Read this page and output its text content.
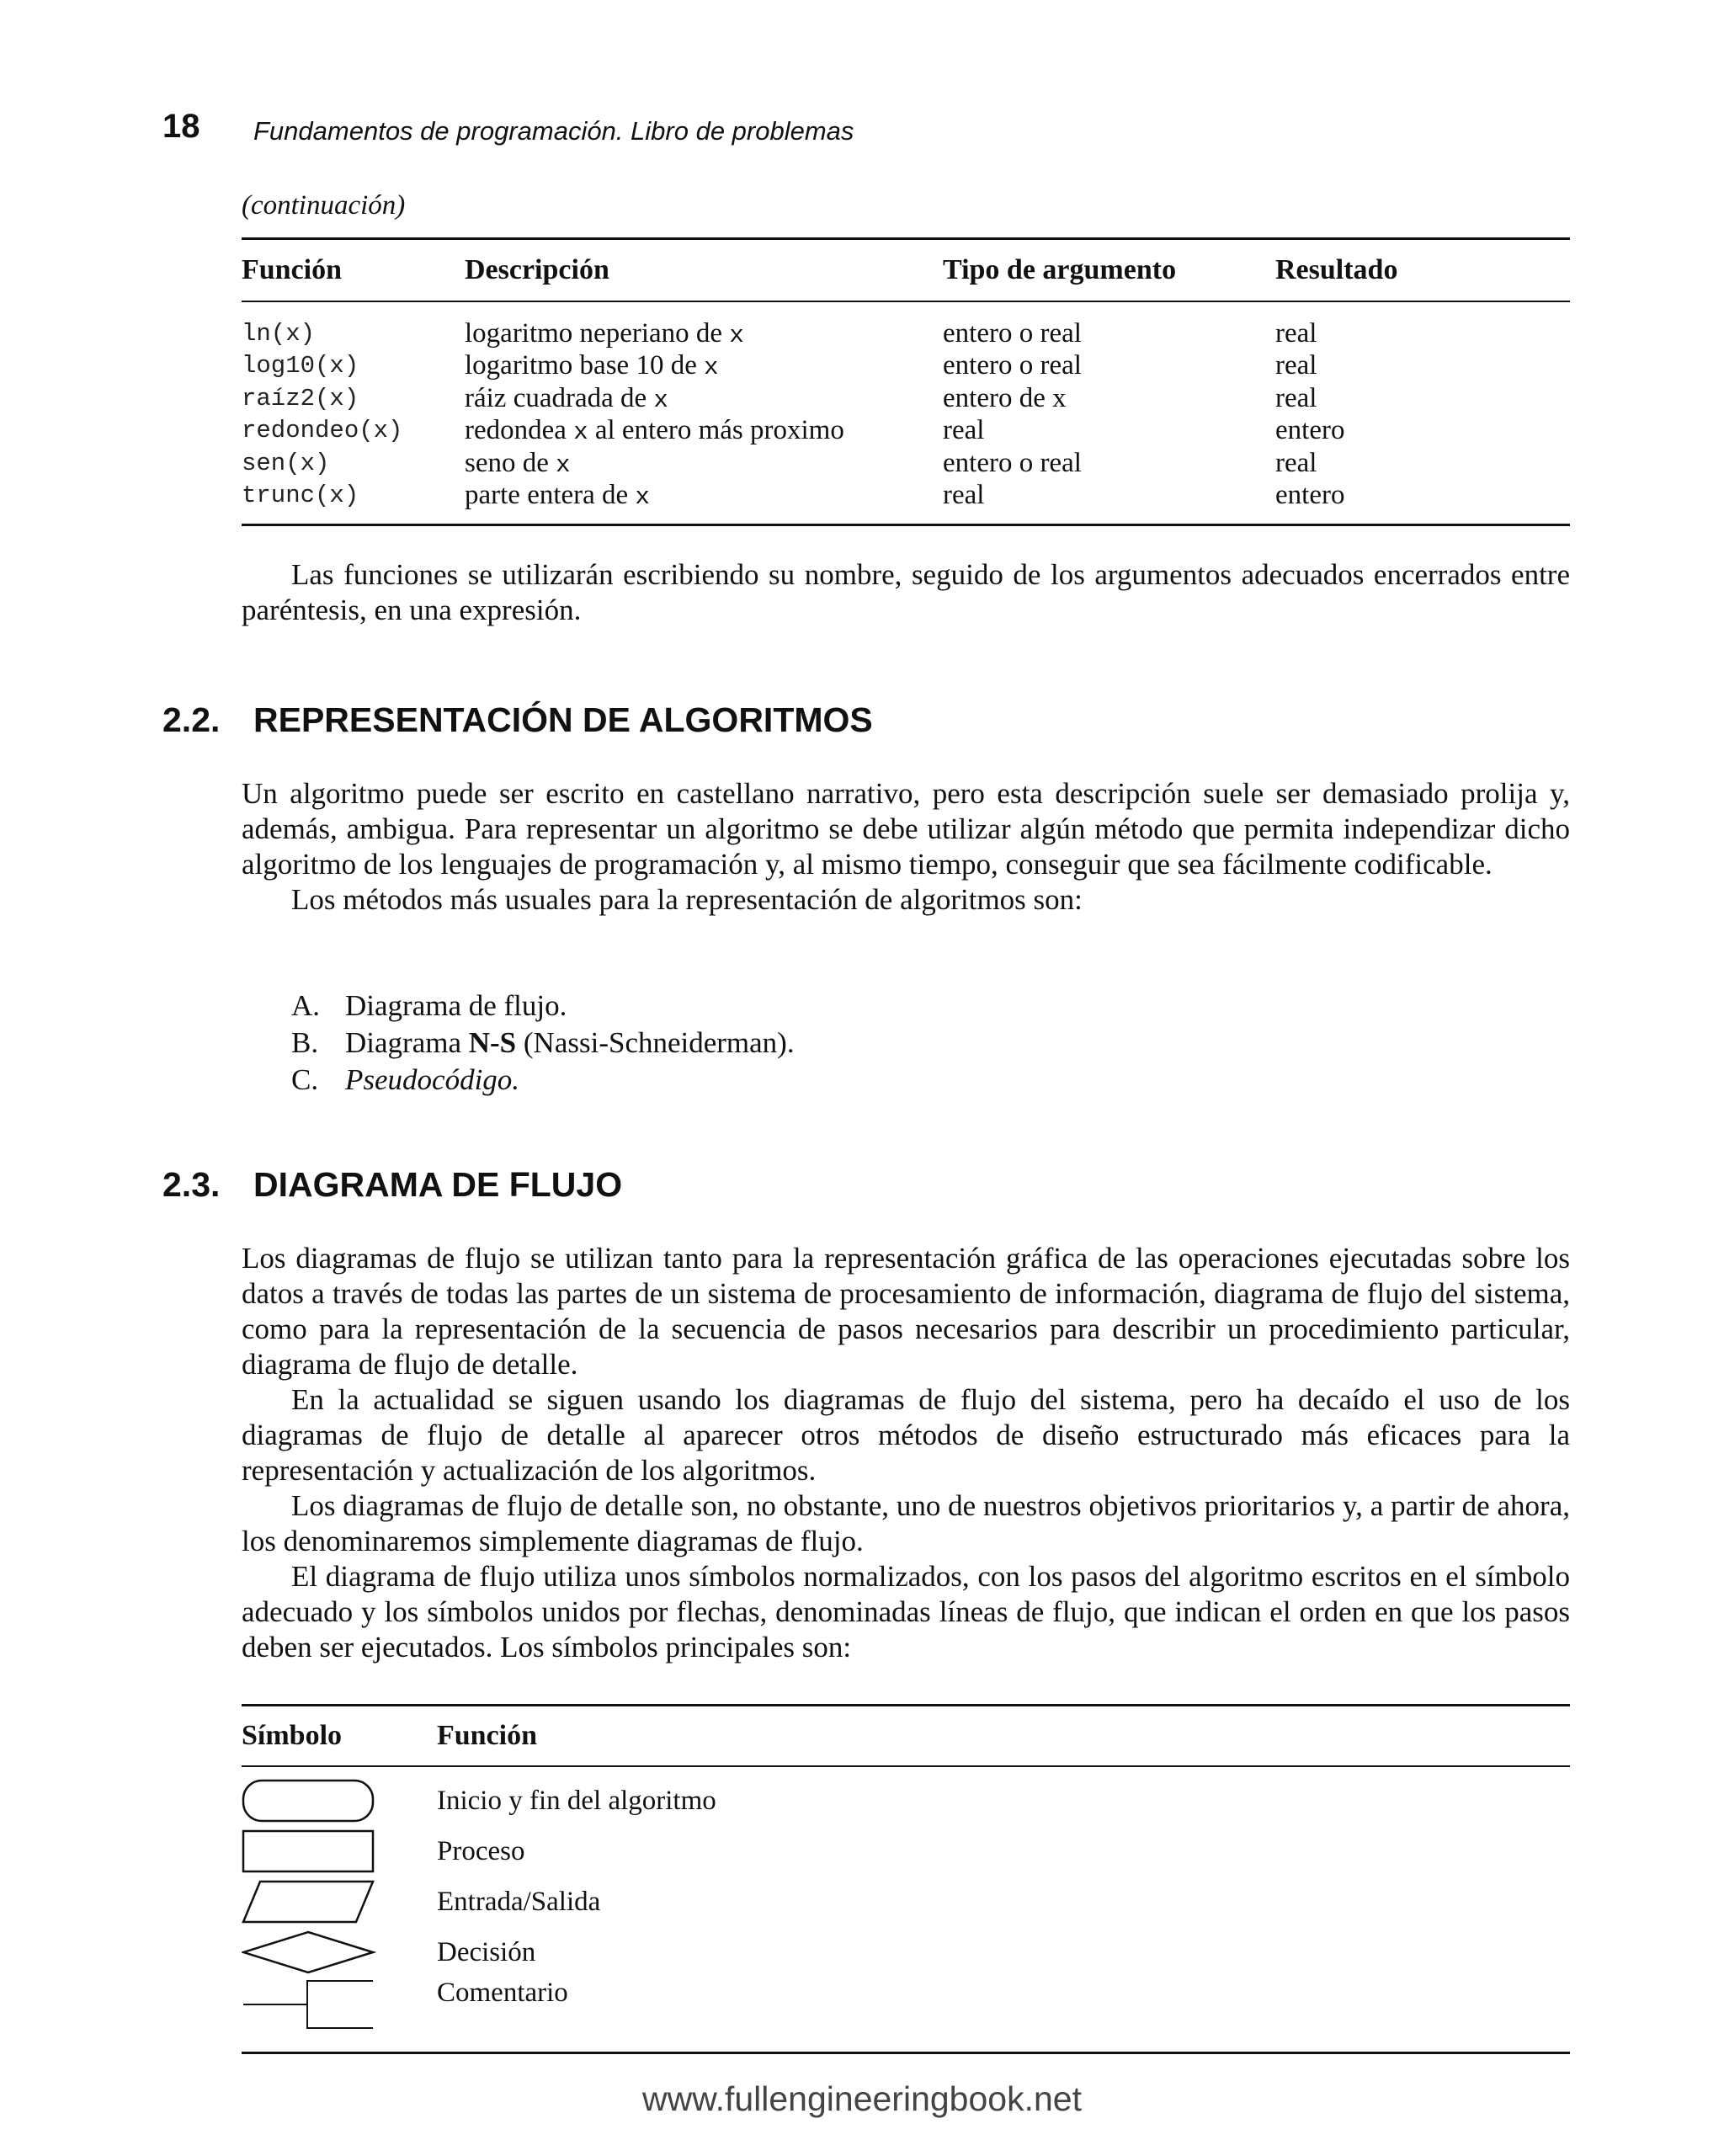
18 Fundamentos de programación. Libro de problemas
(continuación)
Función	Descripción	Tipo de argumento	Resultado
ln(x)	logaritmo neperiano de x	entero o real	real
log10(x)	logaritmo base 10 de x	entero o real	real
raíz2(x)	ráiz cuadrada de x	entero de x	real
redondeo(x)	redondea x al entero más proximo	real	entero
sen(x)	seno de x	entero o real	real
trunc(x)	parte entera de x	real	entero

Las funciones se utilizarán escribiendo su nombre, seguido de los argumentos adecuados encerrados entre paréntesis, en una expresión.

2.2. REPRESENTACIÓN DE ALGORITMOS

Un algoritmo puede ser escrito en castellano narrativo, pero esta descripción suele ser demasiado prolija y, además, ambigua. Para representar un algoritmo se debe utilizar algún método que permita independizar dicho algoritmo de los lenguajes de programación y, al mismo tiempo, conseguir que sea fácilmente codificable.

Los métodos más usuales para la representación de algoritmos son:

A. Diagrama de flujo.
B. Diagrama N-S (Nassi-Schneiderman).
C. Pseudocódigo.
2.3. DIAGRAMA DE FLUJO

Los diagramas de flujo se utilizan tanto para la representación gráfica de las operaciones ejecutadas sobre los datos a través de todas las partes de un sistema de procesamiento de información, diagrama de flujo del sistema, como para la representación de la secuencia de pasos necesarios para describir un procedimiento particular, diagrama de flujo de detalle.

En la actualidad se siguen usando los diagramas de flujo del sistema, pero ha decaído el uso de los diagramas de flujo de detalle al aparecer otros métodos de diseño estructurado más eficaces para la representación y actualización de los algoritmos.

Los diagramas de flujo de detalle son, no obstante, uno de nuestros objetivos prioritarios y, a partir de ahora, los denominaremos simplemente diagramas de flujo.

El diagrama de flujo utiliza unos símbolos normalizados, con los pasos del algoritmo escritos en el símbolo adecuado y los símbolos unidos por flechas, denominadas líneas de flujo, que indican el orden en que los pasos deben ser ejecutados. Los símbolos principales son:

Símbolo	Función
Inicio y fin del algoritmo
Proceso
Entrada/Salida
Decisión
Comentario
www.fullengineeringbook.net
